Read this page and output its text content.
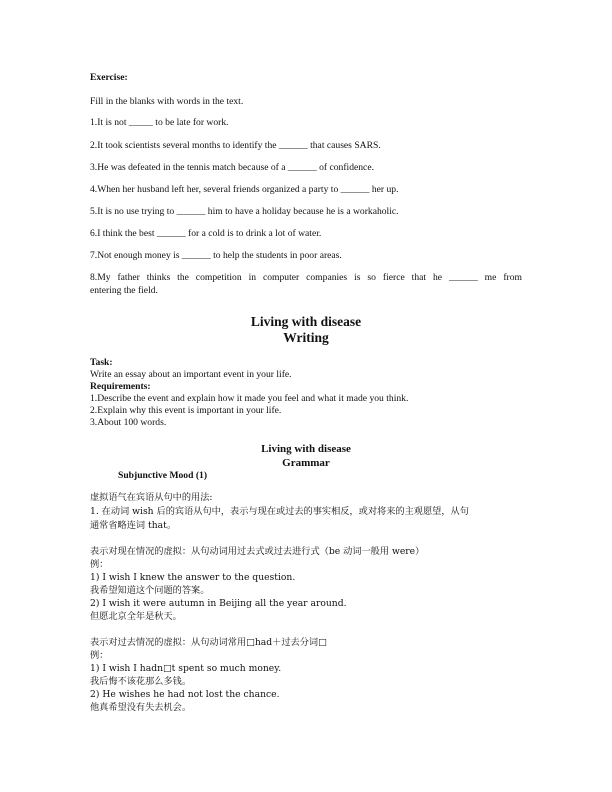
Exercise:
Fill in the blanks with words in the text.
1.It is not _____ to be late for work.
2.It took scientists several months to identify the ______ that causes SARS.
3.He was defeated in the tennis match because of a ______ of confidence.
4.When her husband left her, several friends organized a party to ______ her up.
5.It is no use trying to ______ him to have a holiday because he is a workaholic.
6.I think the best ______ for a cold is to drink a lot of water.
7.Not enough money is ______ to help the students in poor areas.
8.My father thinks the competition in computer companies is so fierce that he ______ me from
entering the field.
Living with disease
Writing
Task:
Write an essay about an important event in your life.
Requirements:
1.Describe the event and explain how it made you feel and what it made you think.
2.Explain why this event is important in your life.
3.About 100 words.
Living with disease
Grammar
Subjunctive Mood (1)
虚拟语气在宾语从句中的用法:
1. 在动词 wish 后的宾语从句中，表示与现在或过去的事实相反，或对将来的主观愿望，从句
通常省略连词 that。
表示对现在情况的虚拟：从句动词用过去式或过去进行式（be 动词一般用 were）
例：
1) I wish I knew the answer to the question.
我希望知道这个问题的答案。
2) I wish it were autumn in Beijing all the year around.
但愿北京全年是秋天。
表示对过去情况的虚拟：从句动词常用□had＋过去分词□
例：
1) I wish I hadn□t spent so much money.
我后悔不该花那么多钱。
2) He wishes he had not lost the chance.
他真希望没有失去机会。
